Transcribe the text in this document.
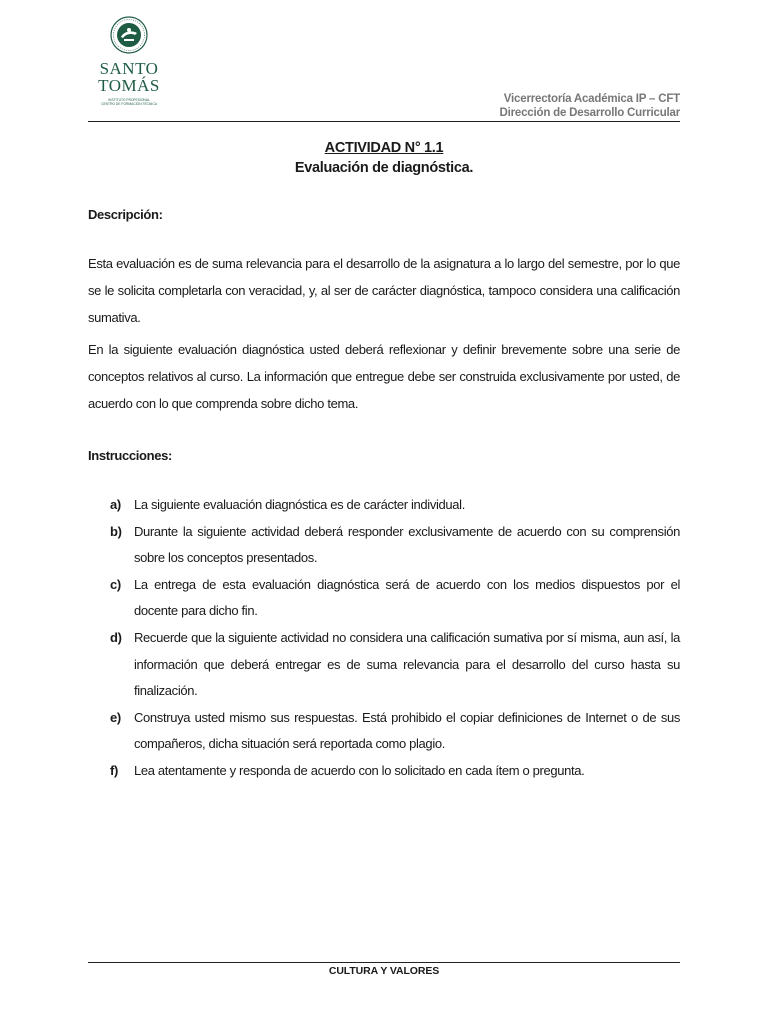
SANTO
TOMÁS
INSTITUTO PROFESIONAL
CENTRO DE FORMACIÓN TÉCNICA	Vicerrectoría Académica IP – CFT
Dirección de Desarrollo Curricular
ACTIVIDAD N° 1.1
Evaluación de diagnóstica.
Descripción:

Esta evaluación es de suma relevancia para el desarrollo de la asignatura a lo largo del semestre, por lo que se le solicita completarla con veracidad, y, al ser de carácter diagnóstica, tampoco considera una calificación sumativa.

En la siguiente evaluación diagnóstica usted deberá reflexionar y definir brevemente sobre una serie de conceptos relativos al curso. La información que entregue debe ser construida exclusivamente por usted, de acuerdo con lo que comprenda sobre dicho tema.

Instrucciones:
a) La siguiente evaluación diagnóstica es de carácter individual.
b) Durante la siguiente actividad deberá responder exclusivamente de acuerdo con su comprensión sobre los conceptos presentados.
c) La entrega de esta evaluación diagnóstica será de acuerdo con los medios dispuestos por el docente para dicho fin.
d) Recuerde que la siguiente actividad no considera una calificación sumativa por sí misma, aun así, la información que deberá entregar es de suma relevancia para el desarrollo del curso hasta su finalización.
e) Construya usted mismo sus respuestas. Está prohibido el copiar definiciones de Internet o de sus compañeros, dicha situación será reportada como plagio.
f) Lea atentamente y responda de acuerdo con lo solicitado en cada ítem o pregunta.
CULTURA Y VALORES
